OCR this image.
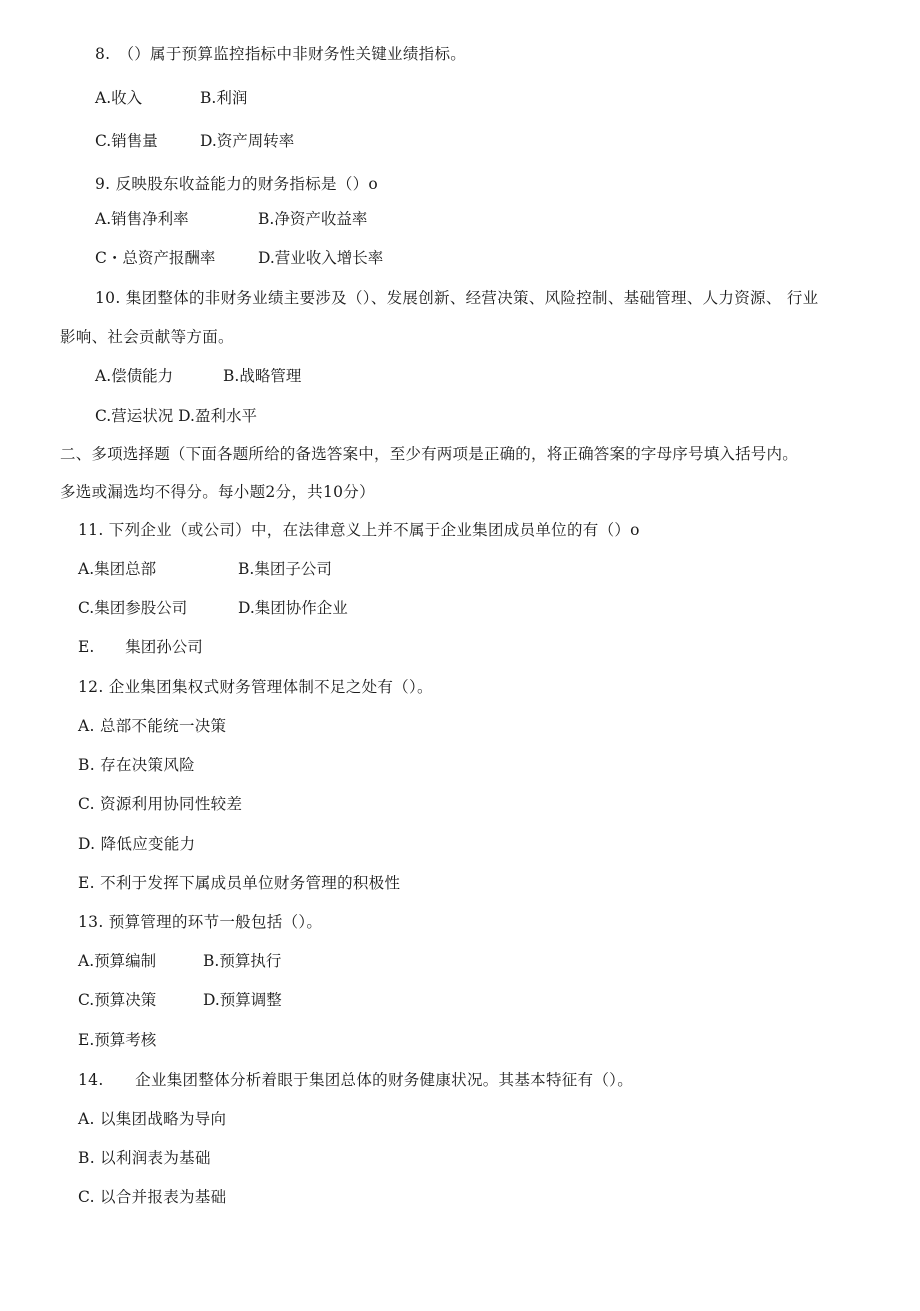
8.　（）属于预算监控指标中非财务性关键业绩指标。
A.收入	B.利润
C.销售量	D.资产周转率
9. 反映股东收益能力的财务指标是（）o
A.销售净利率	B.净资产收益率
C・总资产报酬率	D.营业收入增长率
10. 集团整体的非财务业绩主要涉及（）、发展创新、经营决策、风险控制、基础管理、人力资源、 行业
影响、社会贡献等方面。
A.偿债能力	B.战略管理
C.营运状况 D.盈利水平
二、多项选择题（下面各题所给的备选答案中，至少有两项是正确的，将正确答案的字母序号填入括号内。
多选或漏选均不得分。每小题2分，共10分）
11. 下列企业（或公司）中，在法律意义上并不属于企业集团成员单位的有（）o
A.集团总部	B.集团子公司
C.集团参股公司	D.集团协作企业
E.　　集团孙公司
12. 企业集团集权式财务管理体制不足之处有（）。
A. 总部不能统一决策
B. 存在决策风险
C. 资源利用协同性较差
D. 降低应变能力
E. 不利于发挥下属成员单位财务管理的积极性
13. 预算管理的环节一般包括（）。
A.预算编制	B.预算执行
C.预算决策	D.预算调整
E.预算考核
14.　　企业集团整体分析着眼于集团总体的财务健康状况。其基本特征有（）。
A. 以集团战略为导向
B. 以利润表为基础
C. 以合并报表为基础
